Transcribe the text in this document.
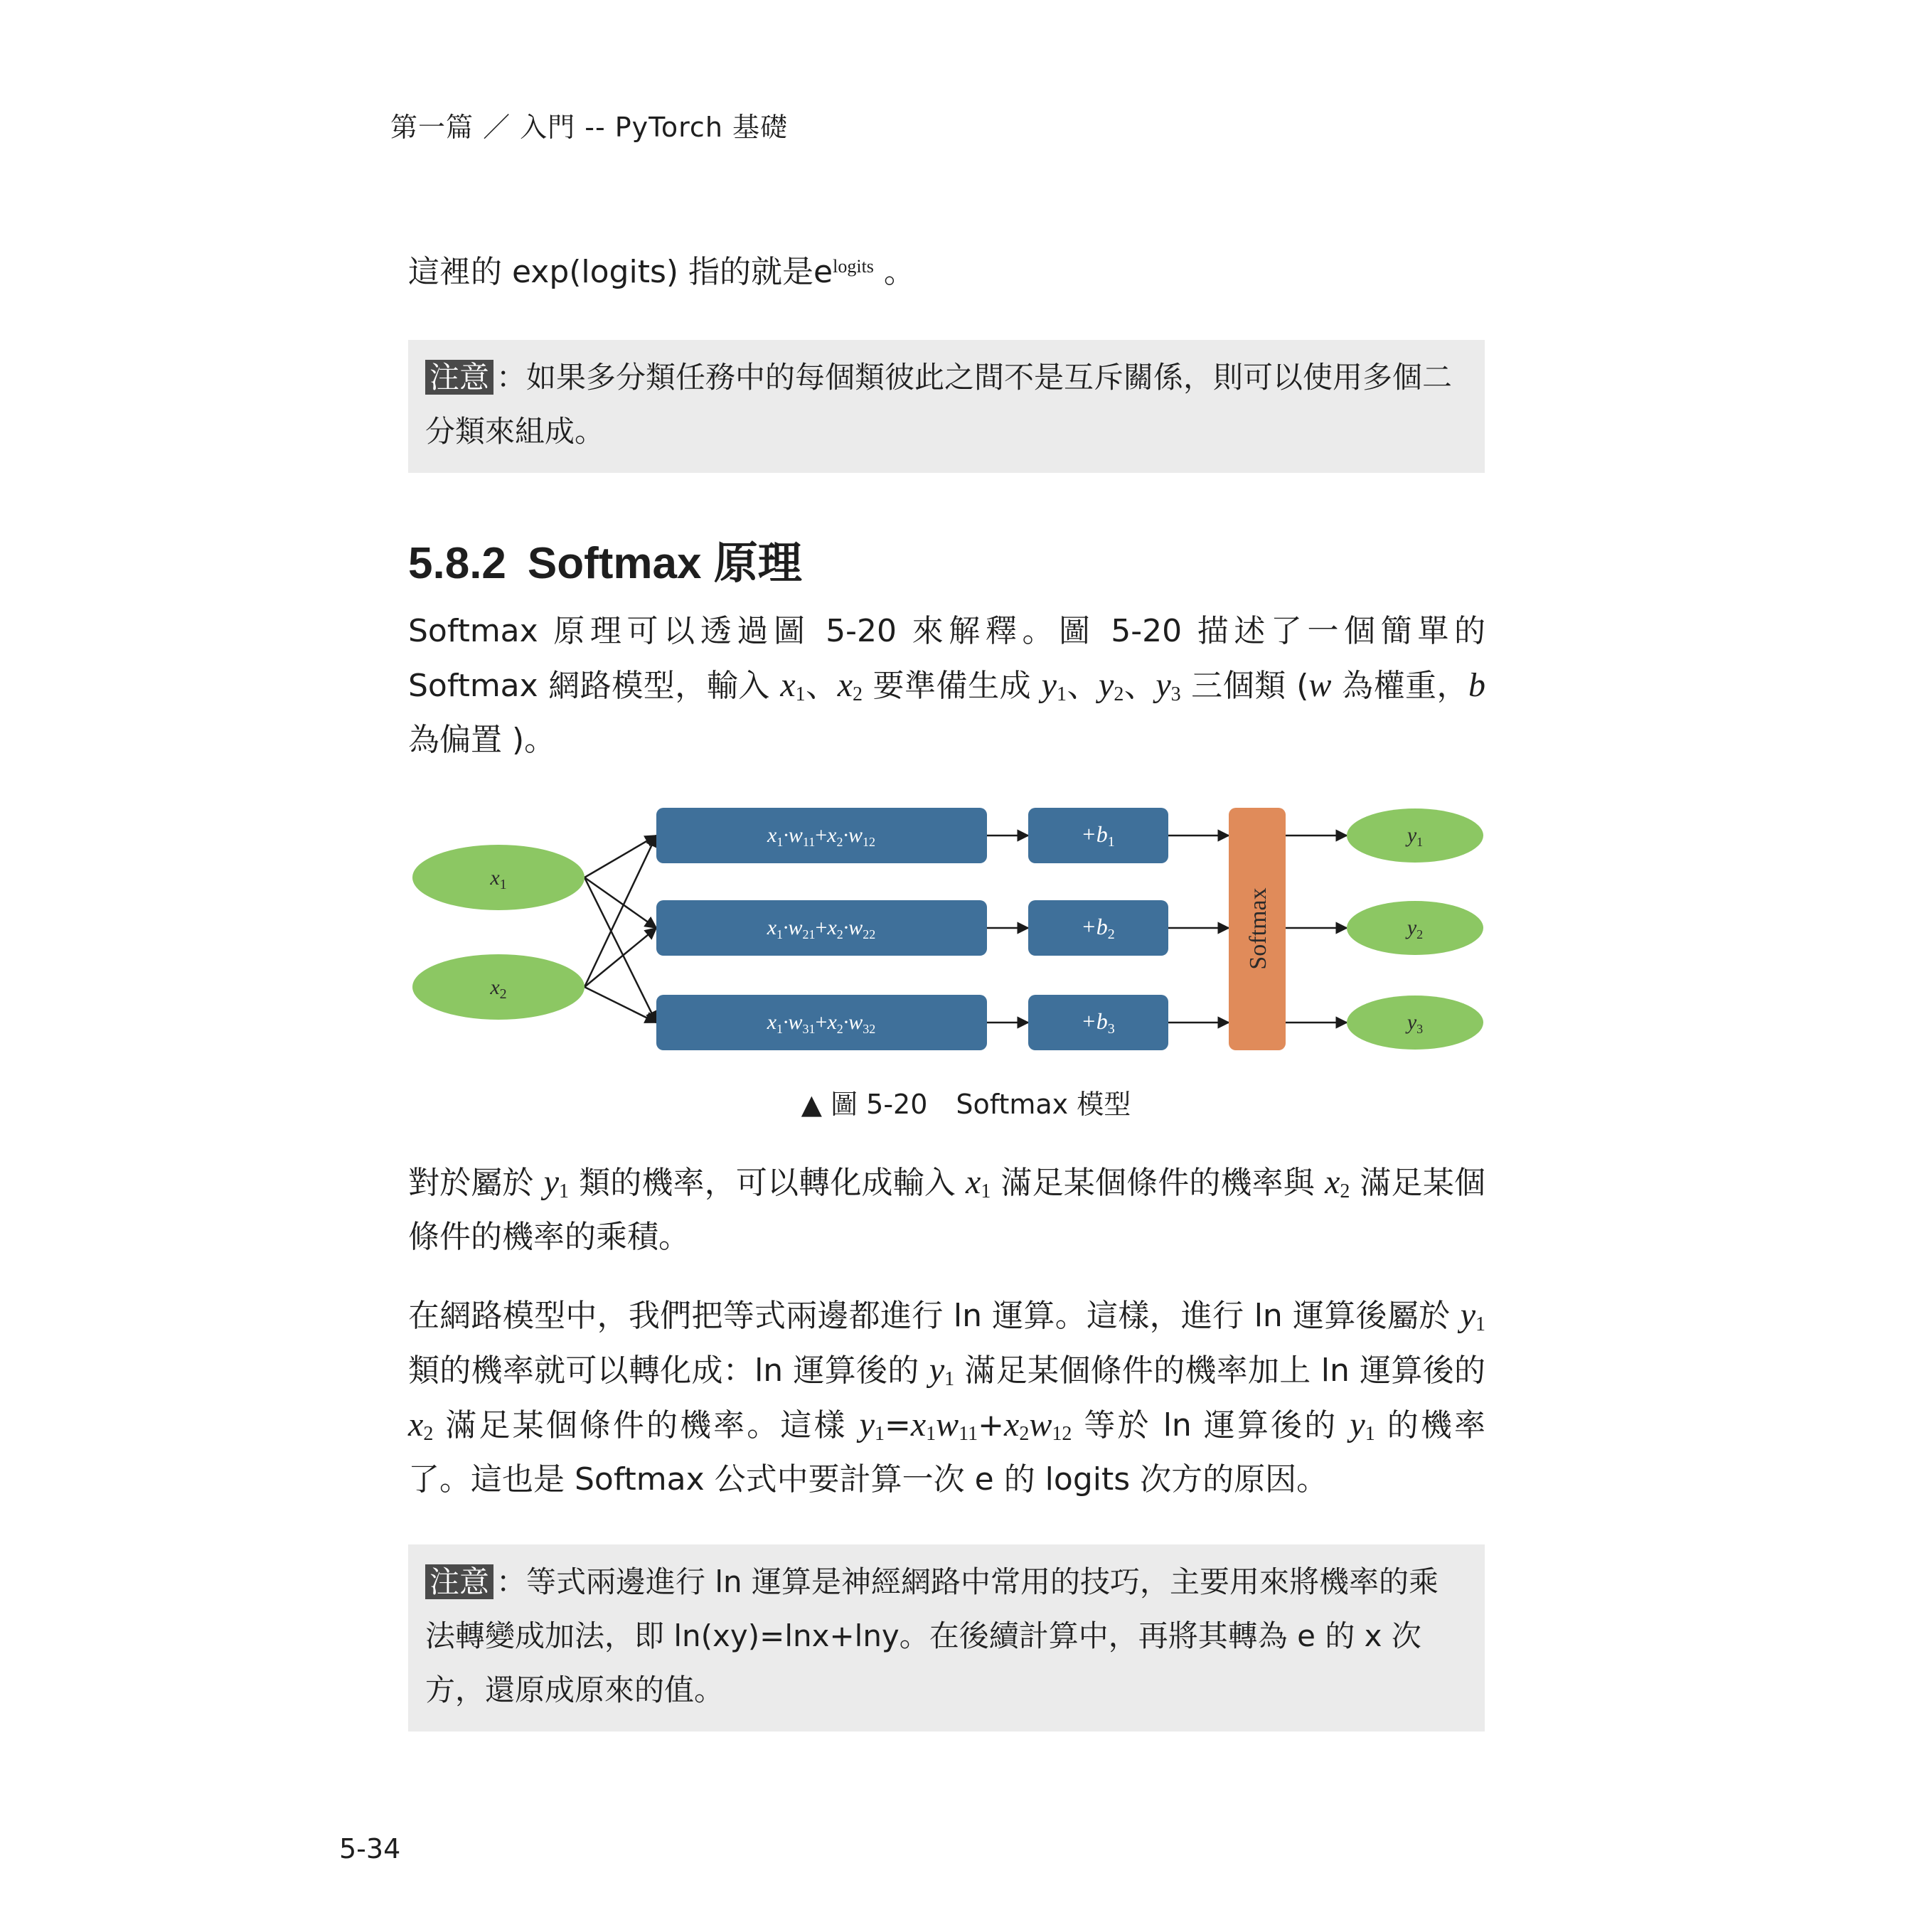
第一篇 ／ 入門 -- PyTorch 基礎
這裡的 exp(logits) 指的就是$e^{logits}$ 。
注意 ：如果多分類任務中的每個類彼此之間不是互斥關係，則可以使用多個二分類來組成。
5.8.2 Softmax 原理
Softmax 原理可以透過圖 5-20 來解釋。圖 5-20 描述了一個簡單的 Softmax 網路模型，輸入 $x_1$、$x_2$ 要準備生成 $y_1$、$y_2$、$y_3$ 三個類 (w 為權重，b 為偏置 )。
$x_1$
$x_2$
$x_1\cdot w_{11}+x_2\cdot w_{12}$
$x_1\cdot w_{21}+x_2\cdot w_{22}$
$x_1\cdot w_{31}+x_2\cdot w_{32}$
+b1
+b2
+b3
Softmax
$y_1$
$y_2$
$y_3$
▲ 圖 5-20 Softmax 模型
對於屬於 $y_1$ 類的機率，可以轉化成輸入 $x_1$ 滿足某個條件的機率與 $x_2$ 滿足某個條件的機率的乘積。
在網路模型中，我們把等式兩邊都進行 ln 運算。這樣，進行 ln 運算後屬於 $y_1$ 類的機率就可以轉化成：ln 運算後的 $y_1$ 滿足某個條件的機率加上 ln 運算後的 $x_2$ 滿足某個條件的機率。這樣 $y_1=x_1w_{11}+x_2w_{12}$ 等於 ln 運算後的 $y_1$ 的機率了。這也是 Softmax 公式中要計算一次 e 的 logits 次方的原因。
注意 ：等式兩邊進行 ln 運算是神經網路中常用的技巧，主要用來將機率的乘法轉變成加法，即 ln(xy)=lnx+lny。在後續計算中，再將其轉為 e 的 x 次方，還原成原來的值。
5-34
